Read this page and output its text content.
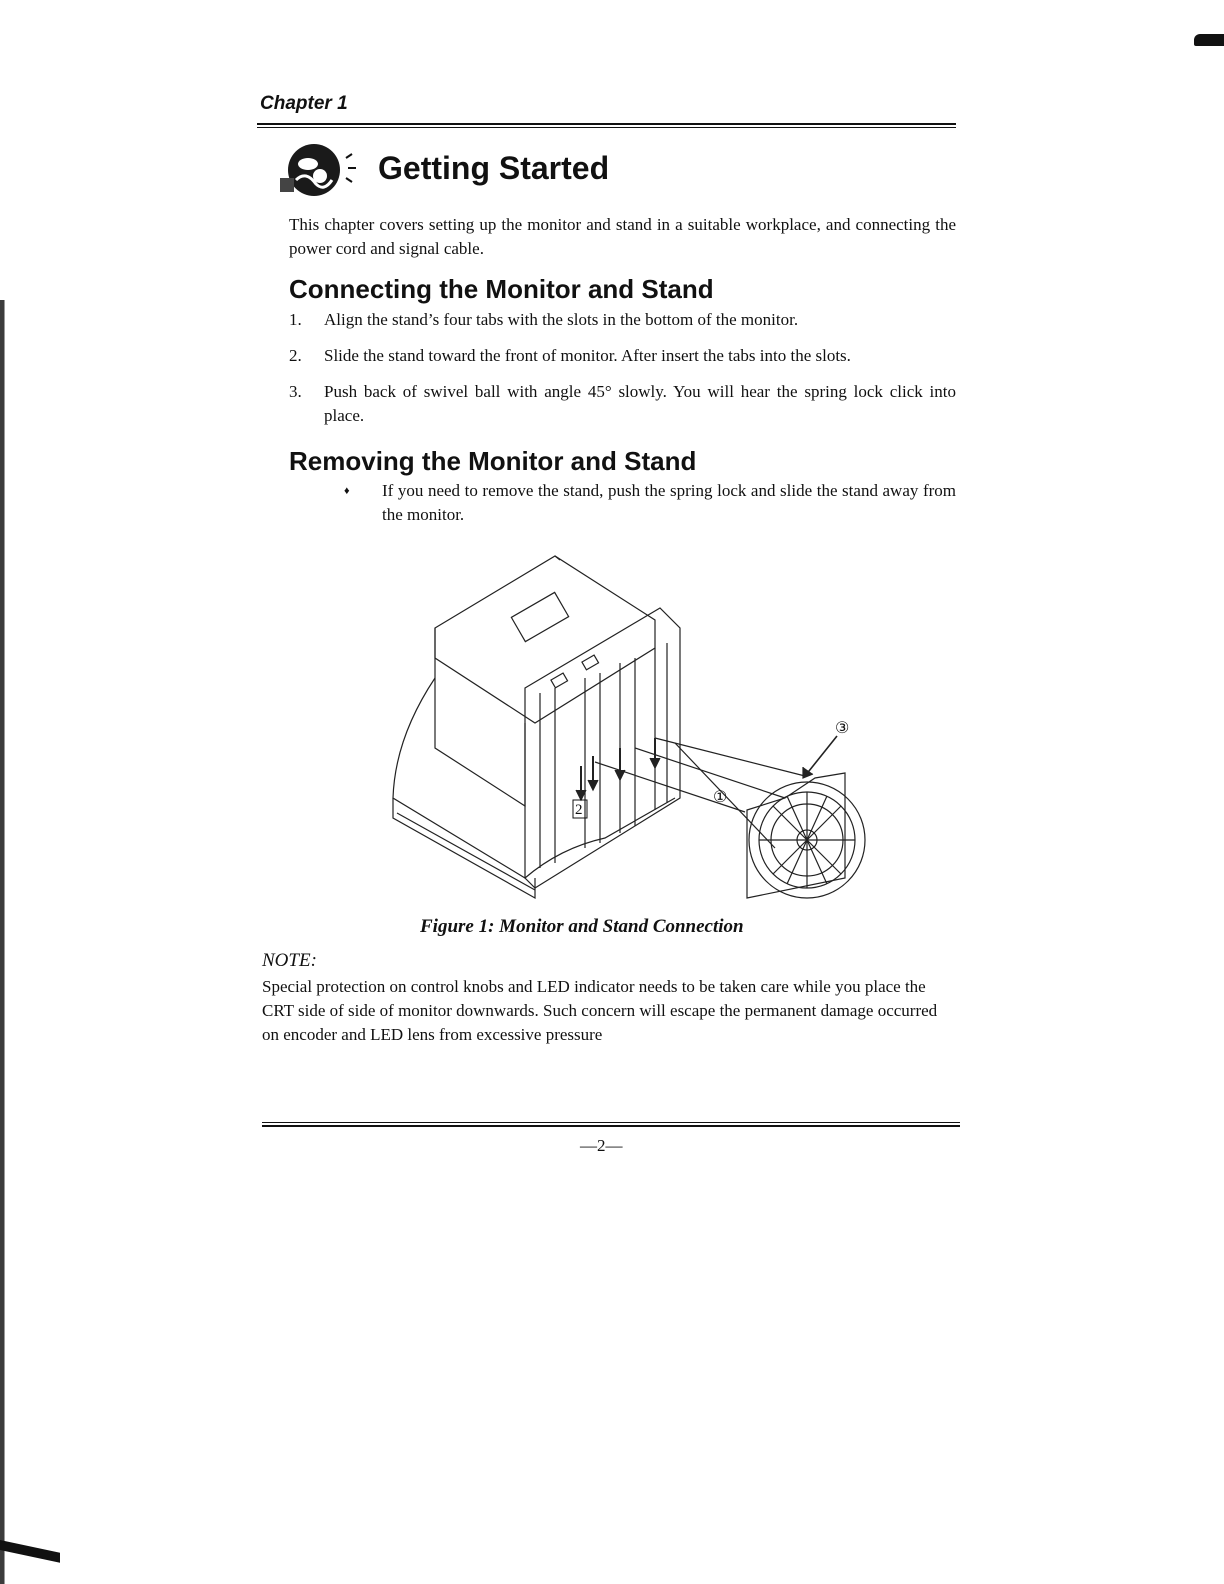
Chapter 1
Getting Started
This chapter covers setting up the monitor and stand in a suitable workplace, and connecting the power cord and signal cable.
Connecting the Monitor and Stand
1. Align the stand’s four tabs with the slots in the bottom of the monitor.
2. Slide the stand toward the front of monitor. After insert the tabs into the slots.
3. Push back of swivel ball with angle 45° slowly. You will hear the spring lock click into place.
Removing the Monitor and Stand
♦	If you need to remove the stand, push the spring lock and slide the stand away from the monitor.
①
2
③
Figure 1: Monitor and Stand Connection
NOTE:
Special protection on control knobs and LED indicator needs to be taken care while you place the CRT side of side of monitor downwards. Such concern will escape the permanent damage occurred on encoder and LED lens from excessive pressure
—2—
